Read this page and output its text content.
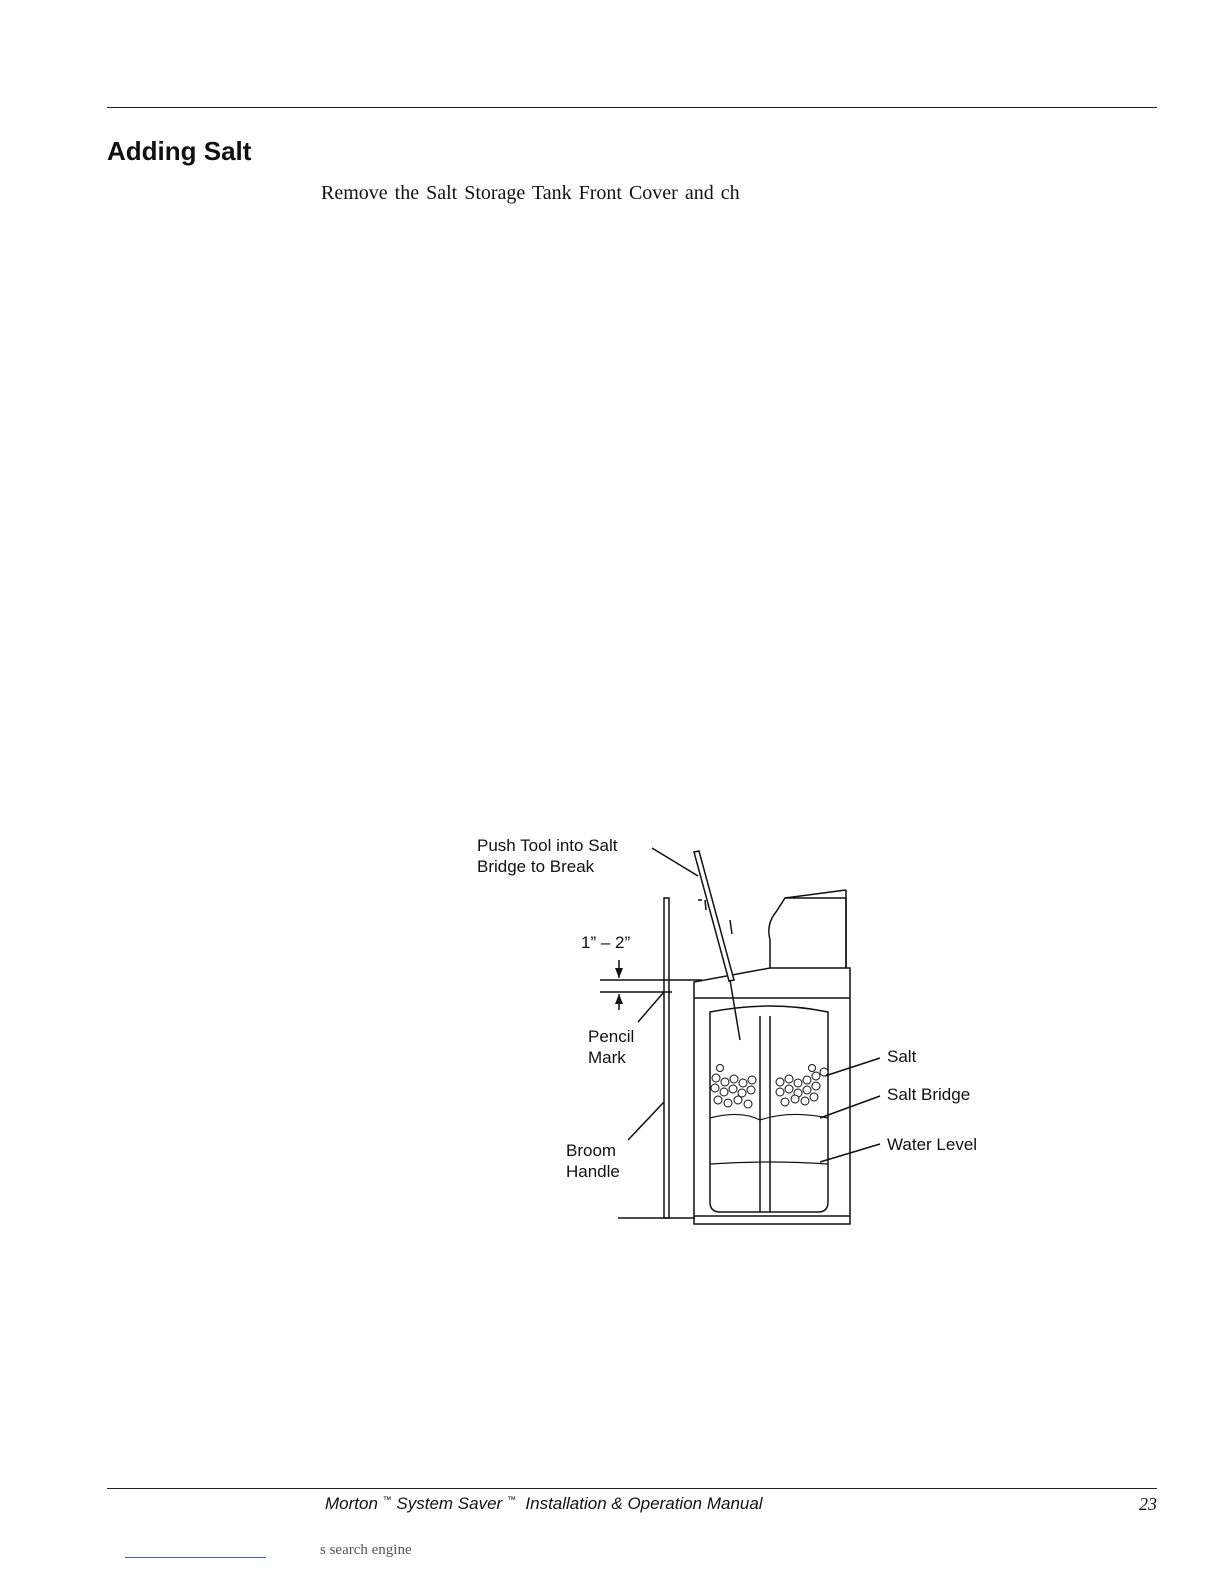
Adding Salt

Remove the Salt Storage Tank Front Cover and ch

Push Tool into Salt
Bridge to Break
1” – 2”
Pencil
Mark
Broom
Handle
Salt
Salt Bridge
Water Level
Morton ™ System Saver ™ Installation & Operation Manual	23
s search engine
